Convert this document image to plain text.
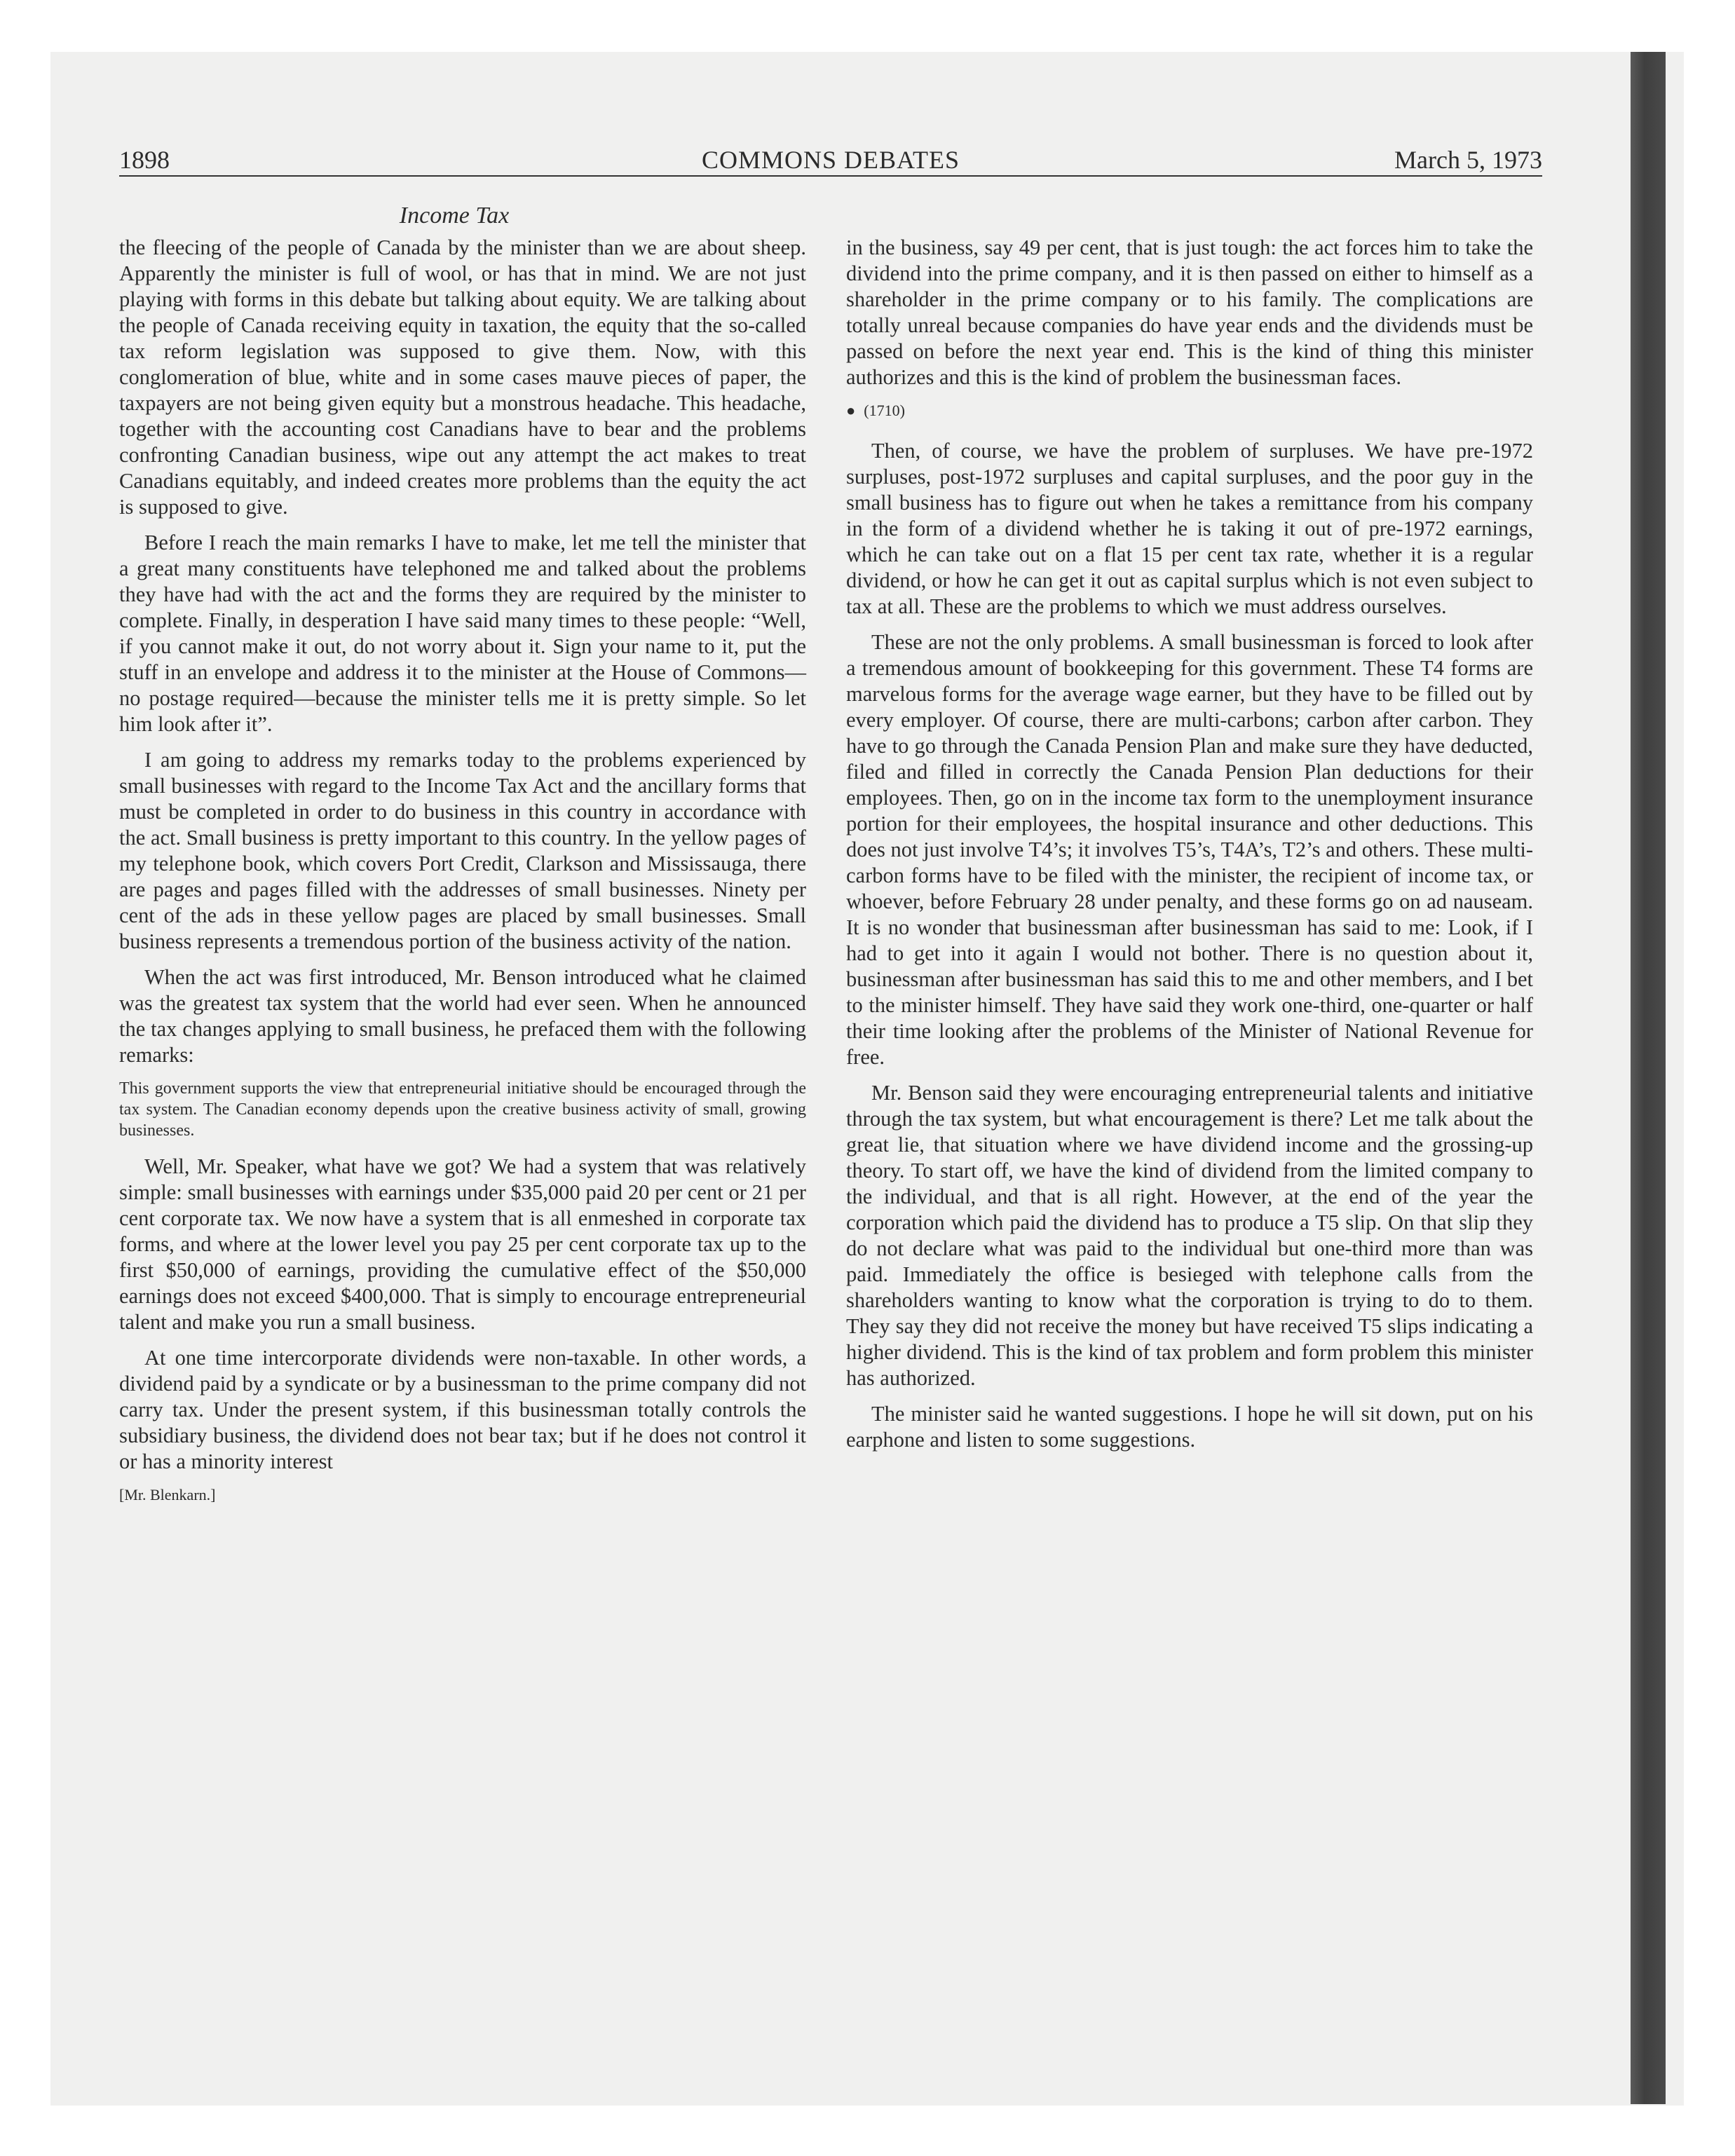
1898	COMMONS DEBATES	March 5, 1973
Income Tax

the fleecing of the people of Canada by the minister than we are about sheep. Apparently the minister is full of wool, or has that in mind. We are not just playing with forms in this debate but talking about equity. We are talking about the people of Canada receiving equity in taxation, the equity that the so-called tax reform legislation was supposed to give them. Now, with this conglomeration of blue, white and in some cases mauve pieces of paper, the taxpayers are not being given equity but a monstrous headache. This headache, together with the accounting cost Canadians have to bear and the problems confronting Canadian business, wipe out any attempt the act makes to treat Canadians equitably, and indeed creates more problems than the equity the act is supposed to give.

Before I reach the main remarks I have to make, let me tell the minister that a great many constituents have telephoned me and talked about the problems they have had with the act and the forms they are required by the minister to complete. Finally, in desperation I have said many times to these people: “Well, if you cannot make it out, do not worry about it. Sign your name to it, put the stuff in an envelope and address it to the minister at the House of Commons—no postage required—because the minister tells me it is pretty simple. So let him look after it”.

I am going to address my remarks today to the problems experienced by small businesses with regard to the Income Tax Act and the ancillary forms that must be completed in order to do business in this country in accordance with the act. Small business is pretty important to this country. In the yellow pages of my telephone book, which covers Port Credit, Clarkson and Mississauga, there are pages and pages filled with the addresses of small businesses. Ninety per cent of the ads in these yellow pages are placed by small businesses. Small business represents a tremendous portion of the business activity of the nation.

When the act was first introduced, Mr. Benson introduced what he claimed was the greatest tax system that the world had ever seen. When he announced the tax changes applying to small business, he prefaced them with the following remarks:

This government supports the view that entrepreneurial initiative should be encouraged through the tax system. The Canadian economy depends upon the creative business activity of small, growing businesses.

Well, Mr. Speaker, what have we got? We had a system that was relatively simple: small businesses with earnings under $35,000 paid 20 per cent or 21 per cent corporate tax. We now have a system that is all enmeshed in corporate tax forms, and where at the lower level you pay 25 per cent corporate tax up to the first $50,000 of earnings, providing the cumulative effect of the $50,000 earnings does not exceed $400,000. That is simply to encourage entrepreneurial talent and make you run a small business.

At one time intercorporate dividends were non-taxable. In other words, a dividend paid by a syndicate or by a businessman to the prime company did not carry tax. Under the present system, if this businessman totally controls the subsidiary business, the dividend does not bear tax; but if he does not control it or has a minority interest

[Mr. Blenkarn.]

in the business, say 49 per cent, that is just tough: the act forces him to take the dividend into the prime company, and it is then passed on either to himself as a shareholder in the prime company or to his family. The complications are totally unreal because companies do have year ends and the dividends must be passed on before the next year end. This is the kind of thing this minister authorizes and this is the kind of problem the businessman faces.

● (1710)

Then, of course, we have the problem of surpluses. We have pre-1972 surpluses, post-1972 surpluses and capital surpluses, and the poor guy in the small business has to figure out when he takes a remittance from his company in the form of a dividend whether he is taking it out of pre-1972 earnings, which he can take out on a flat 15 per cent tax rate, whether it is a regular dividend, or how he can get it out as capital surplus which is not even subject to tax at all. These are the problems to which we must address ourselves.

These are not the only problems. A small businessman is forced to look after a tremendous amount of bookkeeping for this government. These T4 forms are marvelous forms for the average wage earner, but they have to be filled out by every employer. Of course, there are multi-carbons; carbon after carbon. They have to go through the Canada Pension Plan and make sure they have deducted, filed and filled in correctly the Canada Pension Plan deductions for their employees. Then, go on in the income tax form to the unemployment insurance portion for their employees, the hospital insurance and other deductions. This does not just involve T4’s; it involves T5’s, T4A’s, T2’s and others. These multi-carbon forms have to be filed with the minister, the recipient of income tax, or whoever, before February 28 under penalty, and these forms go on ad nauseam. It is no wonder that businessman after businessman has said to me: Look, if I had to get into it again I would not bother. There is no question about it, businessman after businessman has said this to me and other members, and I bet to the minister himself. They have said they work one-third, one-quarter or half their time looking after the problems of the Minister of National Revenue for free.

Mr. Benson said they were encouraging entrepreneurial talents and initiative through the tax system, but what encouragement is there? Let me talk about the great lie, that situation where we have dividend income and the grossing-up theory. To start off, we have the kind of dividend from the limited company to the individual, and that is all right. However, at the end of the year the corporation which paid the dividend has to produce a T5 slip. On that slip they do not declare what was paid to the individual but one-third more than was paid. Immediately the office is besieged with telephone calls from the shareholders wanting to know what the corporation is trying to do to them. They say they did not receive the money but have received T5 slips indicating a higher dividend. This is the kind of tax problem and form problem this minister has authorized.

The minister said he wanted suggestions. I hope he will sit down, put on his earphone and listen to some suggestions.
